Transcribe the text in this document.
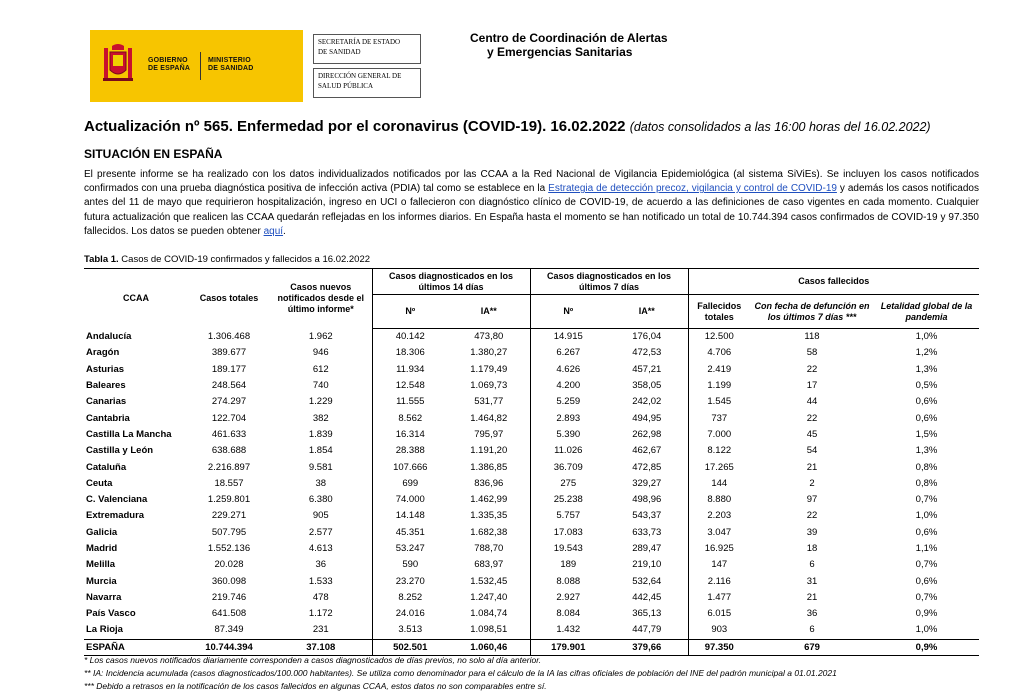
GOBIERNO
DE ESPAÑA
MINISTERIO
DE SANIDAD
SECRETARÍA DE ESTADO
DE SANIDAD
DIRECCIÓN GENERAL DE
SALUD PÚBLICA
Centro de Coordinación de Alertas
y Emergencias Sanitarias
Actualización nº 565. Enfermedad por el coronavirus (COVID-19). 16.02.2022 (datos consolidados a las 16:00 horas del 16.02.2022)
SITUACIÓN EN ESPAÑA
El presente informe se ha realizado con los datos individualizados notificados por las CCAA a la Red Nacional de Vigilancia Epidemiológica (al sistema SiViEs). Se incluyen los casos notificados confirmados con una prueba diagnóstica positiva de infección activa (PDIA) tal como se establece en la Estrategia de detección precoz, vigilancia y control de COVID-19 y además los casos notificados antes del 11 de mayo que requirieron hospitalización, ingreso en UCI o fallecieron con diagnóstico clínico de COVID-19, de acuerdo a las definiciones de caso vigentes en cada momento. Cualquier futura actualización que realicen las CCAA quedarán reflejadas en los informes diarios. En España hasta el momento se han notificado un total de 10.744.394 casos confirmados de COVID-19 y 97.350 fallecidos. Los datos se pueden obtener aquí.
Tabla 1. Casos de COVID-19 confirmados y fallecidos a 16.02.2022
CCAA	Casos totales	Casos nuevos notificados desde el último informe*	Casos diagnosticados en los últimos 14 días		Casos diagnosticados en los últimos 7 días		Casos fallecidos		
			Nº	IA**	Nº	IA**	Fallecidos totales	Con fecha de defunción en los últimos 7 días ***	Letalidad global de la pandemia
Andalucía	1.306.468	1.962	40.142	473,80	14.915	176,04	12.500	118	1,0%
Aragón	389.677	946	18.306	1.380,27	6.267	472,53	4.706	58	1,2%
Asturias	189.177	612	11.934	1.179,49	4.626	457,21	2.419	22	1,3%
Baleares	248.564	740	12.548	1.069,73	4.200	358,05	1.199	17	0,5%
Canarias	274.297	1.229	11.555	531,77	5.259	242,02	1.545	44	0,6%
Cantabria	122.704	382	8.562	1.464,82	2.893	494,95	737	22	0,6%
Castilla La Mancha	461.633	1.839	16.314	795,97	5.390	262,98	7.000	45	1,5%
Castilla y León	638.688	1.854	28.388	1.191,20	11.026	462,67	8.122	54	1,3%
Cataluña	2.216.897	9.581	107.666	1.386,85	36.709	472,85	17.265	21	0,8%
Ceuta	18.557	38	699	836,96	275	329,27	144	2	0,8%
C. Valenciana	1.259.801	6.380	74.000	1.462,99	25.238	498,96	8.880	97	0,7%
Extremadura	229.271	905	14.148	1.335,35	5.757	543,37	2.203	22	1,0%
Galicia	507.795	2.577	45.351	1.682,38	17.083	633,73	3.047	39	0,6%
Madrid	1.552.136	4.613	53.247	788,70	19.543	289,47	16.925	18	1,1%
Melilla	20.028	36	590	683,97	189	219,10	147	6	0,7%
Murcia	360.098	1.533	23.270	1.532,45	8.088	532,64	2.116	31	0,6%
Navarra	219.746	478	8.252	1.247,40	2.927	442,45	1.477	21	0,7%
País Vasco	641.508	1.172	24.016	1.084,74	8.084	365,13	6.015	36	0,9%
La Rioja	87.349	231	3.513	1.098,51	1.432	447,79	903	6	1,0%
ESPAÑA	10.744.394	37.108	502.501	1.060,46	179.901	379,66	97.350	679	0,9%
* Los casos nuevos notificados diariamente corresponden a casos diagnosticados de días previos, no solo al día anterior.
** IA: Incidencia acumulada (casos diagnosticados/100.000 habitantes). Se utiliza como denominador para el cálculo de la IA las cifras oficiales de población del INE del padrón municipal a 01.01.2021
*** Debido a retrasos en la notificación de los casos fallecidos en algunas CCAA, estos datos no son comparables entre sí.
